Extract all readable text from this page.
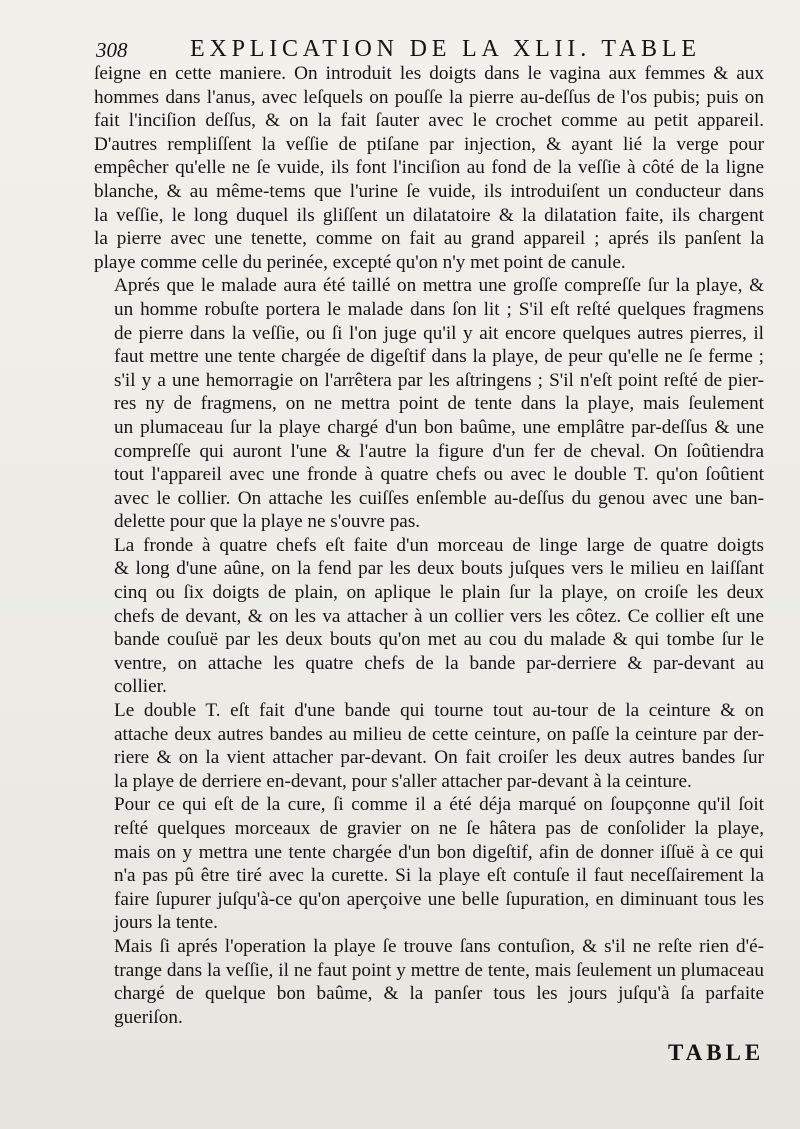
308	EXPLICATION DE LA XLII. TABLE

ſeigne en cette maniere. On introduit les doigts dans le vagina aux femmes & aux
hommes dans l'anus, avec leſquels on pouſſe la pierre au-deſſus de l'os pubis; puis on
fait l'inciſion deſſus, & on la fait ſauter avec le crochet comme au petit appareil.
D'autres rempliſſent la veſſie de ptiſane par injection, & ayant lié la verge pour
empêcher qu'elle ne ſe vuide, ils font l'inciſion au fond de la veſſie à côté de la ligne
blanche, & au même-tems que l'urine ſe vuide, ils introduiſent un conducteur dans
la veſſie, le long duquel ils gliſſent un dilatatoire & la dilatation faite, ils chargent
la pierre avec une tenette, comme on fait au grand appareil ; aprés ils panſent la
playe comme celle du perinée, excepté qu'on n'y met point de canule.

Aprés que le malade aura été taillé on mettra une groſſe compreſſe ſur la playe, &
un homme robuſte portera le malade dans ſon lit ; S'il eſt reſté quelques fragmens
de pierre dans la veſſie, ou ſi l'on juge qu'il y ait encore quelques autres pierres, il
faut mettre une tente chargée de digeſtif dans la playe, de peur qu'elle ne ſe ferme ;
s'il y a une hemorragie on l'arrêtera par les aſtringens ; S'il n'eſt point reſté de pier-
res ny de fragmens, on ne mettra point de tente dans la playe, mais ſeulement
un plumaceau ſur la playe chargé d'un bon baûme, une emplâtre par-deſſus & une
compreſſe qui auront l'une & l'autre la figure d'un fer de cheval. On ſoûtiendra
tout l'appareil avec une fronde à quatre chefs ou avec le double T. qu'on ſoûtient
avec le collier. On attache les cuiſſes enſemble au-deſſus du genou avec une ban-
delette pour que la playe ne s'ouvre pas.

La fronde à quatre chefs eſt faite d'un morceau de linge large de quatre doigts
& long d'une aûne, on la fend par les deux bouts juſques vers le milieu en laiſſant
cinq ou ſix doigts de plain, on aplique le plain ſur la playe, on croiſe les deux
chefs de devant, & on les va attacher à un collier vers les côtez. Ce collier eſt une
bande couſuë par les deux bouts qu'on met au cou du malade & qui tombe ſur le
ventre, on attache les quatre chefs de la bande par-derriere & par-devant au
collier.

Le double T. eſt fait d'une bande qui tourne tout au-tour de la ceinture & on
attache deux autres bandes au milieu de cette ceinture, on paſſe la ceinture par der-
riere & on la vient attacher par-devant. On fait croiſer les deux autres bandes ſur
la playe de derriere en-devant, pour s'aller attacher par-devant à la ceinture.

Pour ce qui eſt de la cure, ſi comme il a été déja marqué on ſoupçonne qu'il ſoit
reſté quelques morceaux de gravier on ne ſe hâtera pas de conſolider la playe,
mais on y mettra une tente chargée d'un bon digeſtif, afin de donner iſſuë à ce qui
n'a pas pû être tiré avec la curette. Si la playe eſt contuſe il faut neceſſairement la
faire ſupurer juſqu'à-ce qu'on aperçoive une belle ſupuration, en diminuant tous les
jours la tente.

Mais ſi aprés l'operation la playe ſe trouve ſans contuſion, & s'il ne reſte rien d'é-
trange dans la veſſie, il ne faut point y mettre de tente, mais ſeulement un plumaceau
chargé de quelque bon baûme, & la panſer tous les jours juſqu'à ſa parfaite
gueriſon.

TABLE
